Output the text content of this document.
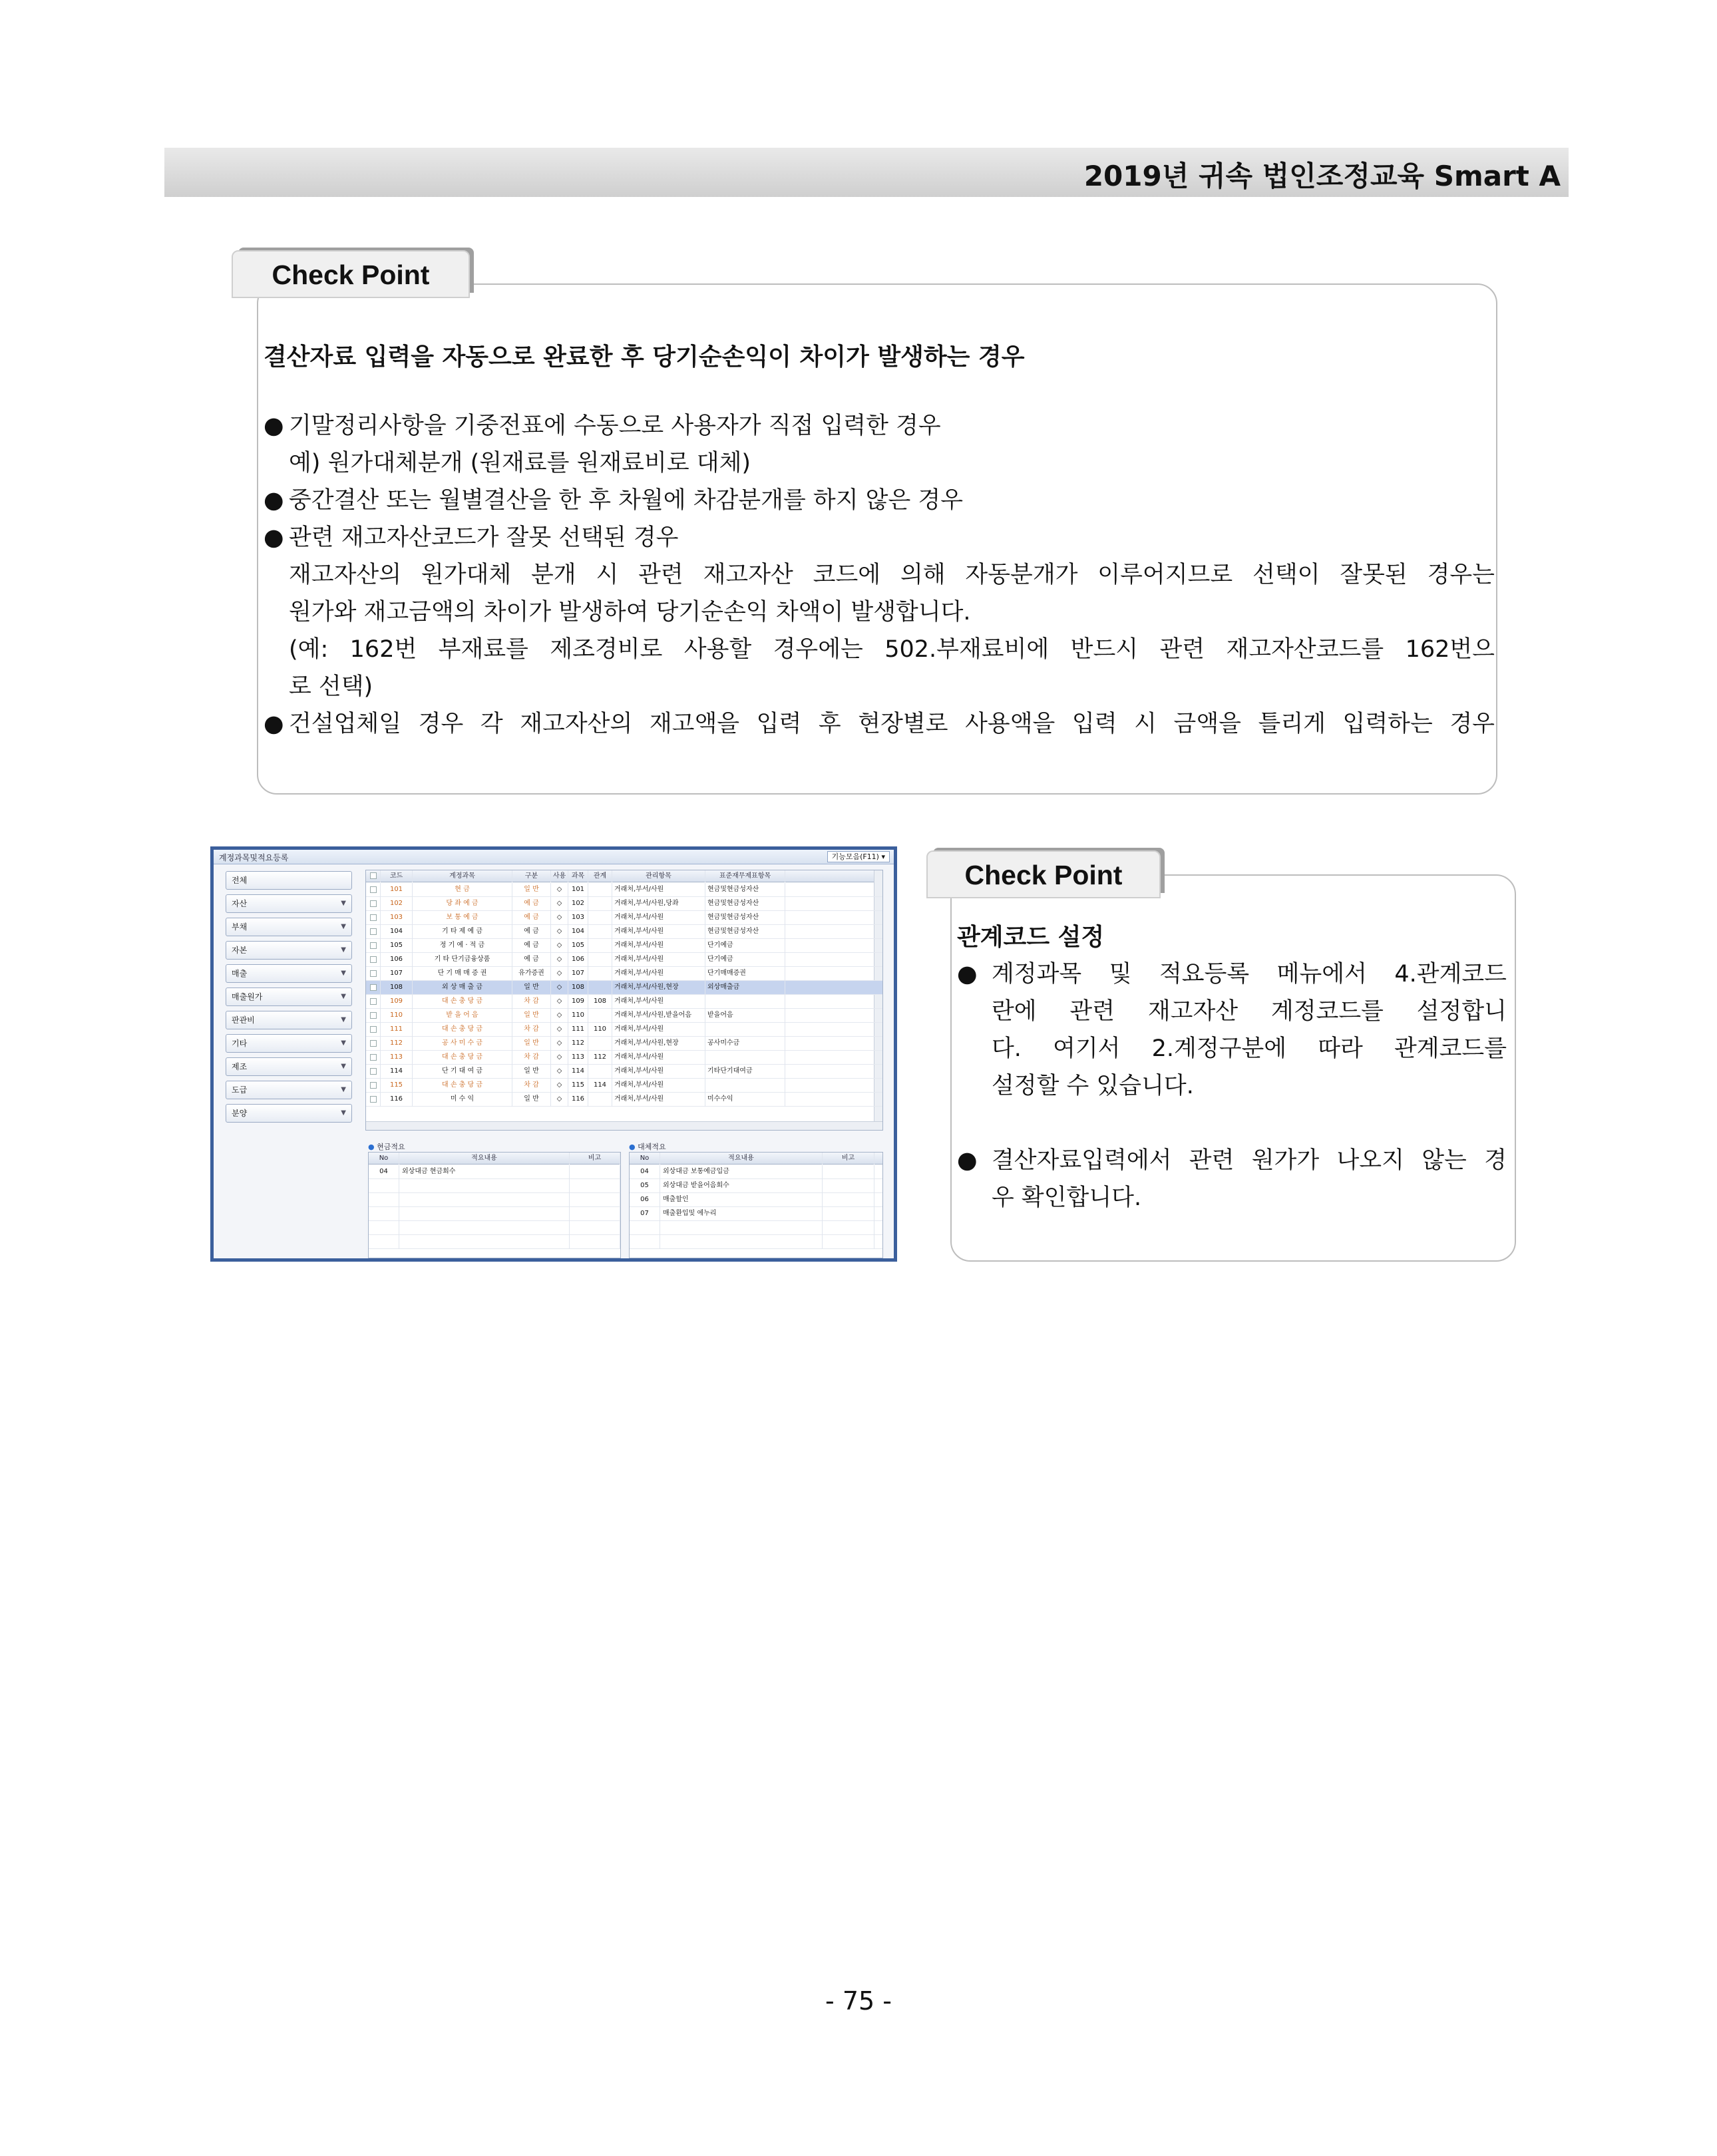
2019년 귀속 법인조정교육 Smart A
Check Point
결산자료 입력을 자동으로 완료한 후 당기순손익이 차이가 발생하는 경우
● 기말정리사항을 기중전표에 수동으로 사용자가 직접 입력한 경우
예) 원가대체분개 (원재료를 원재료비로 대체)
● 중간결산 또는 월별결산을 한 후 차월에 차감분개를 하지 않은 경우
● 관련 재고자산코드가 잘못 선택된 경우
재고자산의 원가대체 분개 시 관련 재고자산 코드에 의해 자동분개가 이루어지므로 선택이 잘못된 경우는
원가와 재고금액의 차이가 발생하여 당기순손익 차액이 발생합니다.
(예: 162번 부재료를 제조경비로 사용할 경우에는 502.부재료비에 반드시 관련 재고자산코드를 162번으
로 선택)
● 건설업체일 경우 각 재고자산의 재고액을 입력 후 현장별로 사용액을 입력 시 금액을 틀리게 입력하는 경우
계정과목및적요등록	기능모음(F11) ▾
전체
자산	▼
부채	▼
자본	▼
매출	▼
매출원가	▼
판관비	▼
기타	▼
제조	▼
도급	▼
분양	▼
코드	계정과목	구분	사용 과목	관계	관리항목	표준재무제표항목
101	현 금	일 반	◇	101	거래처,부서/사원	현금및현금성자산
102	당 좌 예 금	예 금	◇	102	거래처,부서/사원,당좌	현금및현금성자산
103	보 통 예 금	예 금	◇	103	거래처,부서/사원	현금및현금성자산
104	기 타 제 예 금	예 금	◇	104	거래처,부서/사원	현금및현금성자산
105	정 기 예 · 적 금	예 금	◇	105	거래처,부서/사원	단기예금
106	기 타 단기금융상품	예 금	◇	106	거래처,부서/사원	단기예금
107	단 기 매 매 증 권	유가증권	◇	107	거래처,부서/사원	단기매매증권
108	외 상 매 출 금	일 반	◇	108	거래처,부서/사원,현장	외상매출금
109	대 손 충 당 금	차 감	◇	109	108	거래처,부서/사원
110	받 을 어 음	일 반	◇	110	거래처,부서/사원,받을어음	받을어음
111	대 손 충 당 금	차 감	◇	111	110	거래처,부서/사원
112	공 사 미 수 금	일 반	◇	112	거래처,부서/사원,현장	공사미수금
113	대 손 충 당 금	차 감	◇	113	112	거래처,부서/사원
114	단 기 대 여 금	일 반	◇	114	거래처,부서/사원	기타단기대여금
115	대 손 충 당 금	차 감	◇	115	114	거래처,부서/사원
116	미 수 익	일 반	◇	116	거래처,부서/사원	미수수익
● 현금적요
No	적요내용	비고
04	외상대금 현금회수
● 대체적요
No	적요내용	비고
04	외상대금 보통예금입금
05	외상대금 받을어음회수
06	매출할인
07	매출환입및 에누리
Check Point
관계코드 설정
● 계정과목 및 적요등록 메뉴에서 4.관계코드
란에 관련 재고자산 계정코드를 설정합니
다. 여기서 2.계정구분에 따라 관계코드를
설정할 수 있습니다.
● 결산자료입력에서 관련 원가가 나오지 않는 경
우 확인합니다.
- 75 -
